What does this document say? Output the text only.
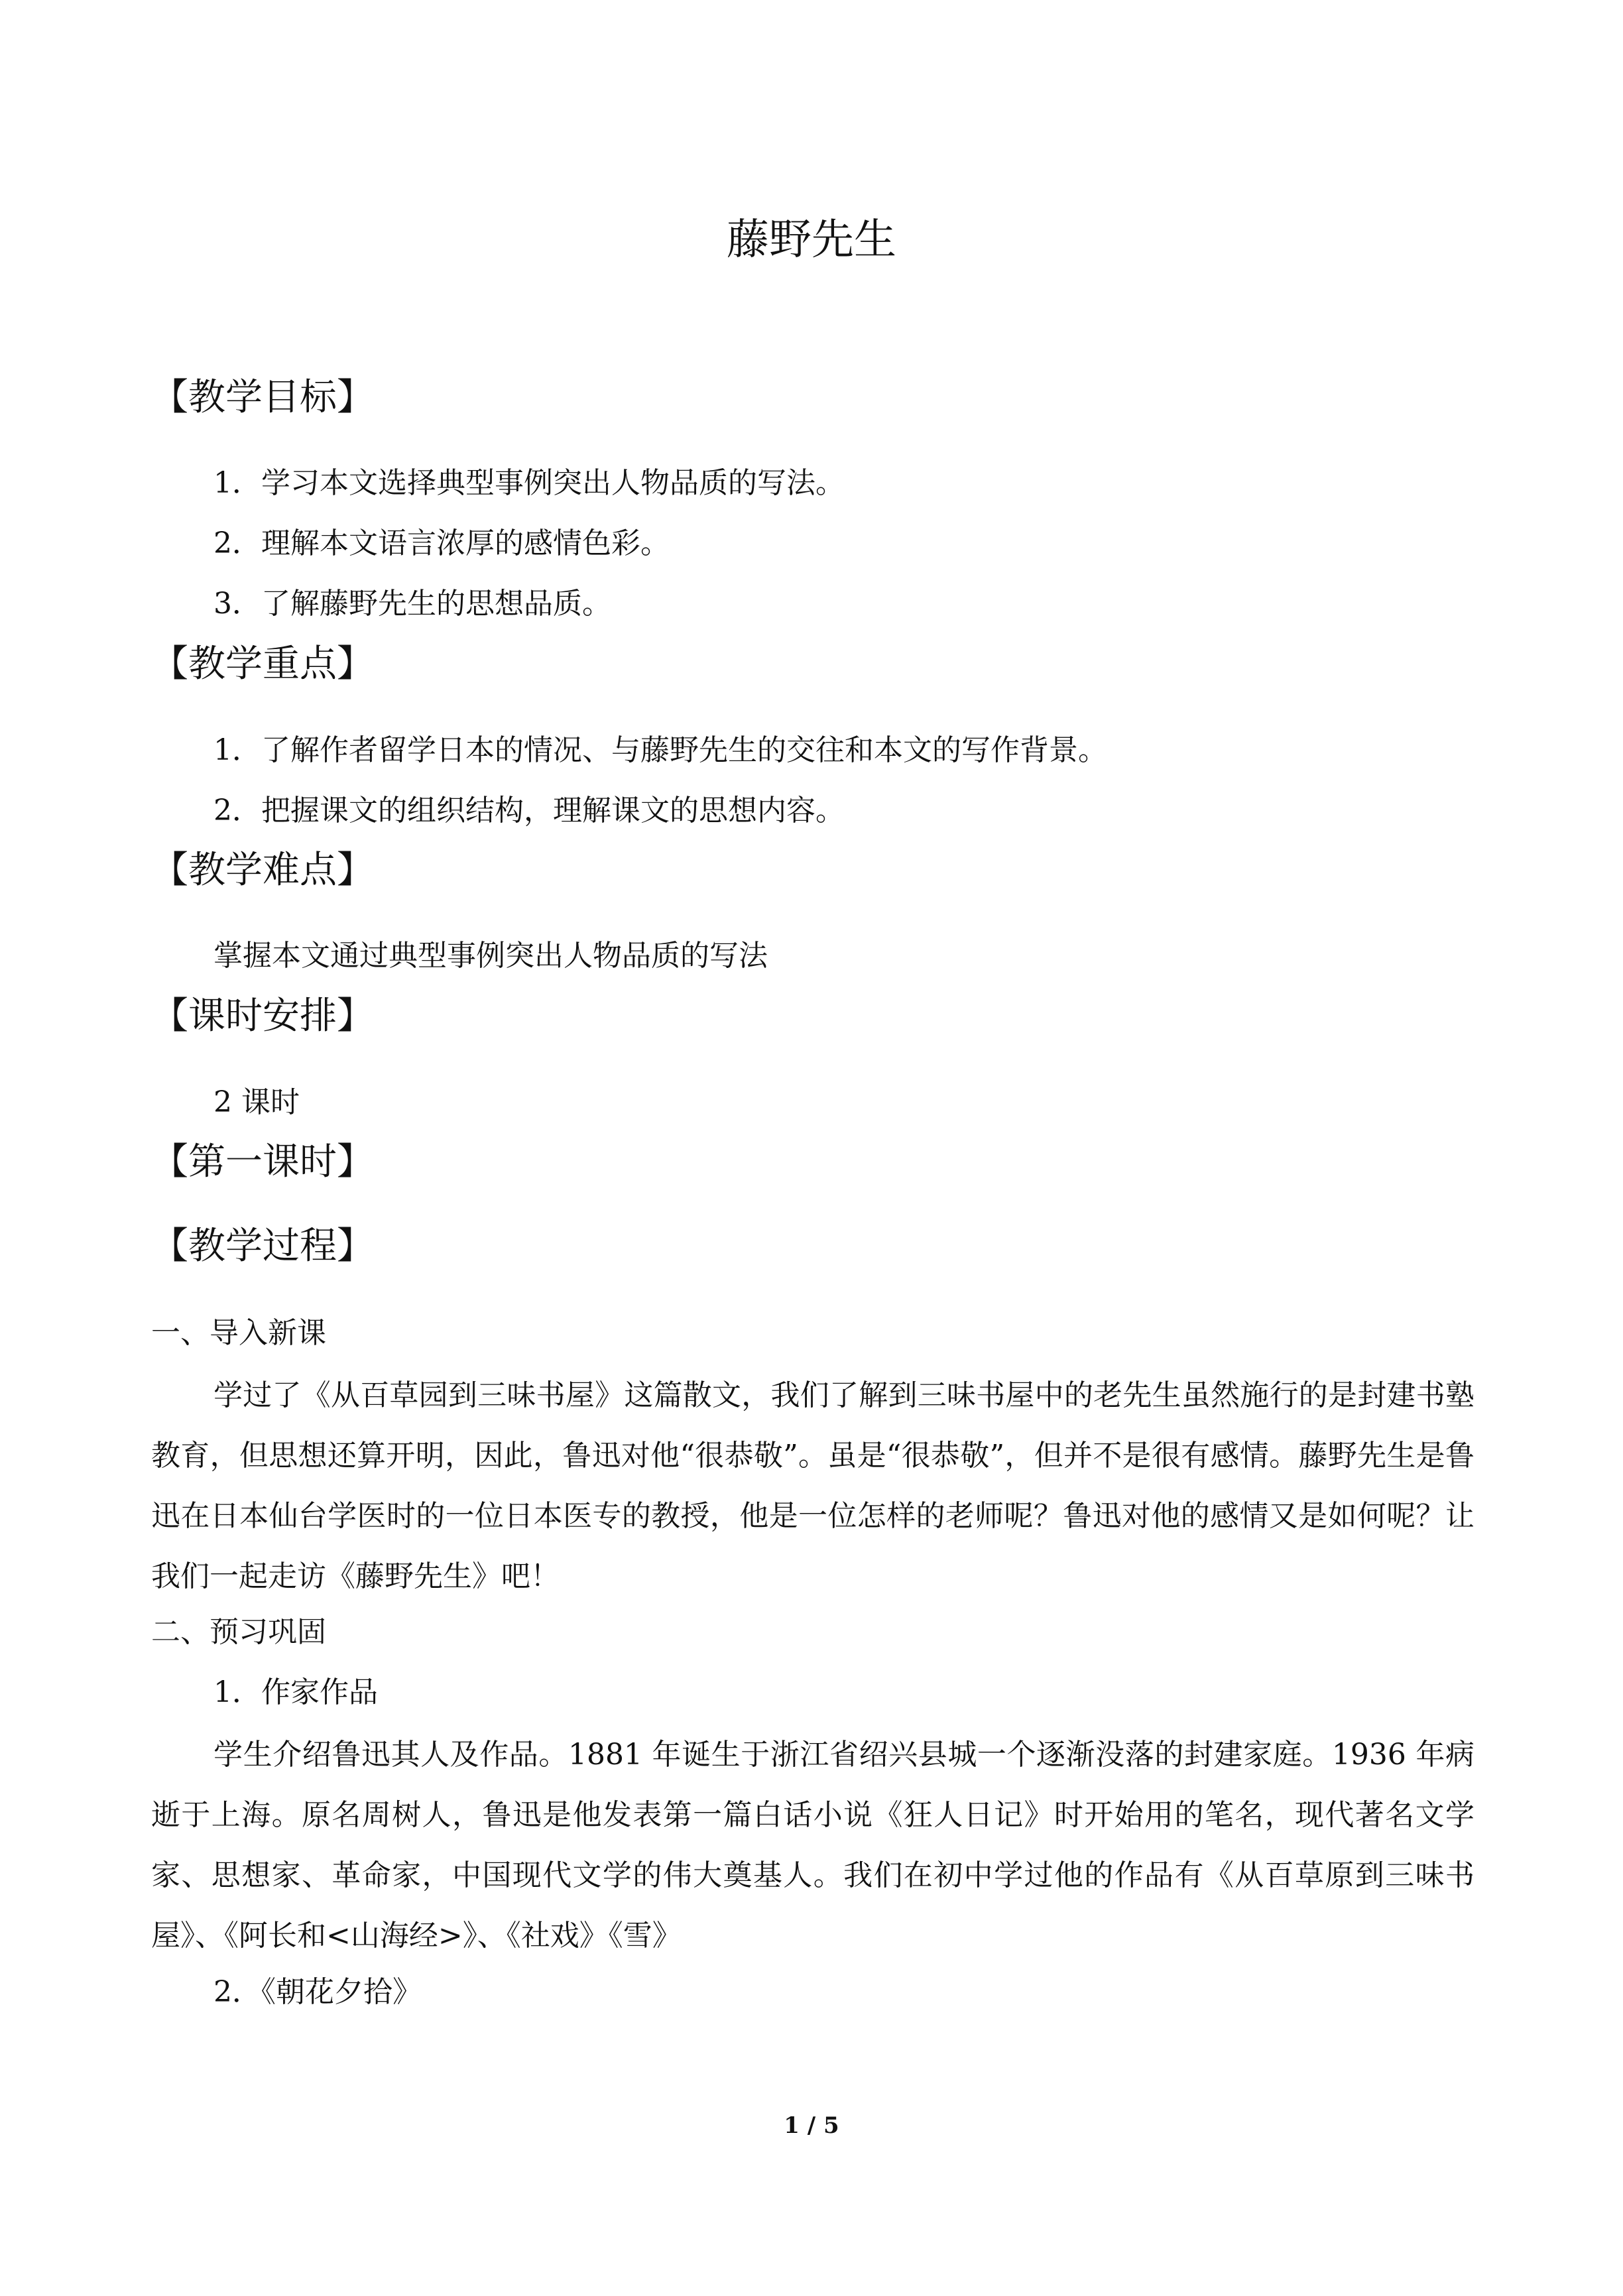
藤野先生
【教学目标】
1．学习本文选择典型事例突出人物品质的写法。
2．理解本文语言浓厚的感情色彩。
3．了解藤野先生的思想品质。
【教学重点】
1．了解作者留学日本的情况、与藤野先生的交往和本文的写作背景。
2．把握课文的组织结构，理解课文的思想内容。
【教学难点】
掌握本文通过典型事例突出人物品质的写法
【课时安排】
2 课时
【第一课时】
【教学过程】
一、导入新课

学过了《从百草园到三味书屋》这篇散文，我们了解到三味书屋中的老先生虽然施行的是封建书塾教育，但思想还算开明，因此，鲁迅对他“很恭敬”。虽是“很恭敬”，但并不是很有感情。藤野先生是鲁迅在日本仙台学医时的一位日本医专的教授，他是一位怎样的老师呢？鲁迅对他的感情又是如何呢？让我们一起走访《藤野先生》吧！

二、预习巩固
1．作家作品

学生介绍鲁迅其人及作品。1881 年诞生于浙江省绍兴县城一个逐渐没落的封建家庭。1936 年病逝于上海。原名周树人，鲁迅是他发表第一篇白话小说《狂人日记》时开始用的笔名，现代著名文学家、思想家、革命家，中国现代文学的伟大奠基人。我们在初中学过他的作品有《从百草原到三味书屋》、《阿长和<山海经>》、《社戏》《雪》

2．《朝花夕拾》
1 / 5
